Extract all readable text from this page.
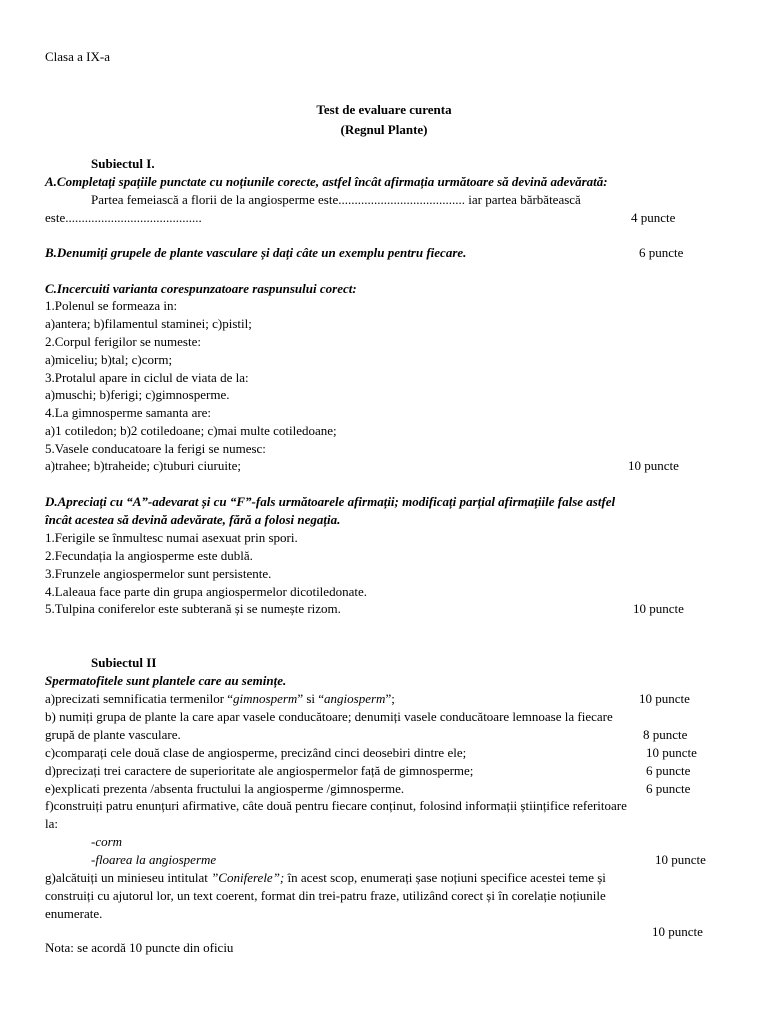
Clasa a IX-a
Test de evaluare curenta
(Regnul Plante)
Subiectul I.
A.Completați spațiile punctate cu noțiunile corecte, astfel încât afirmația următoare să devină adevărată:
Partea femeiască a florii de la angiosperme este....................................... iar partea bărbătească
este..........................................	4 puncte
B.Denumiți grupele de plante vasculare și dați câte un exemplu pentru fiecare.	6 puncte
C.Incercuiti varianta corespunzatoare raspunsului corect:
1.Polenul se formeaza in:
a)antera; b)filamentul staminei; c)pistil;
2.Corpul ferigilor se numeste:
a)miceliu; b)tal; c)corm;
3.Protalul apare in ciclul de viata de la:
a)muschi; b)ferigi; c)gimnosperme.
4.La gimnosperme samanta are:
a)1 cotiledon; b)2 cotiledoane; c)mai multe cotiledoane;
5.Vasele conducatoare la ferigi se numesc:
a)trahee; b)traheide; c)tuburi ciuruite;	10 puncte
D.Apreciați cu “A”-adevarat și cu “F”-fals următoarele afirmații; modificați parțial afirmațiile false astfel
încât acestea să devină adevărate, fără a folosi negația.
1.Ferigile se înmultesc numai asexuat prin spori.
2.Fecundația la angiosperme este dublă.
3.Frunzele angiospermelor sunt persistente.
4.Laleaua face parte din grupa angiospermelor dicotiledonate.
5.Tulpina coniferelor este subterană și se numește rizom.	10 puncte
Subiectul II
Spermatofitele sunt plantele care au semințe.
a)precizati semnificatia termenilor “gimnosperm” si “angiosperm”;	10 puncte
b) numiți grupa de plante la care apar vasele conducătoare; denumiți vasele conducătoare lemnoase la fiecare
grupă de plante vasculare.	8 puncte
c)comparați cele două clase de angiosperme, precizând cinci deosebiri dintre ele;	10 puncte
d)precizați trei caractere de superioritate ale angiospermelor față de gimnosperme;	6 puncte
e)explicati prezenta /absenta fructului la angiosperme /gimnosperme.	6 puncte
f)construiți patru enunțuri afirmative, câte două pentru fiecare conținut, folosind informații științifice referitoare
la:
-corm
-floarea la angiosperme	10 puncte
g)alcătuiți un minieseu intitulat ”Coniferele”; în acest scop, enumerați șase noțiuni specifice acestei teme și
construiți cu ajutorul lor, un text coerent, format din trei-patru fraze, utilizând corect și în corelație noțiunile
enumerate.
10 puncte
Nota: se acordă 10 puncte din oficiu
